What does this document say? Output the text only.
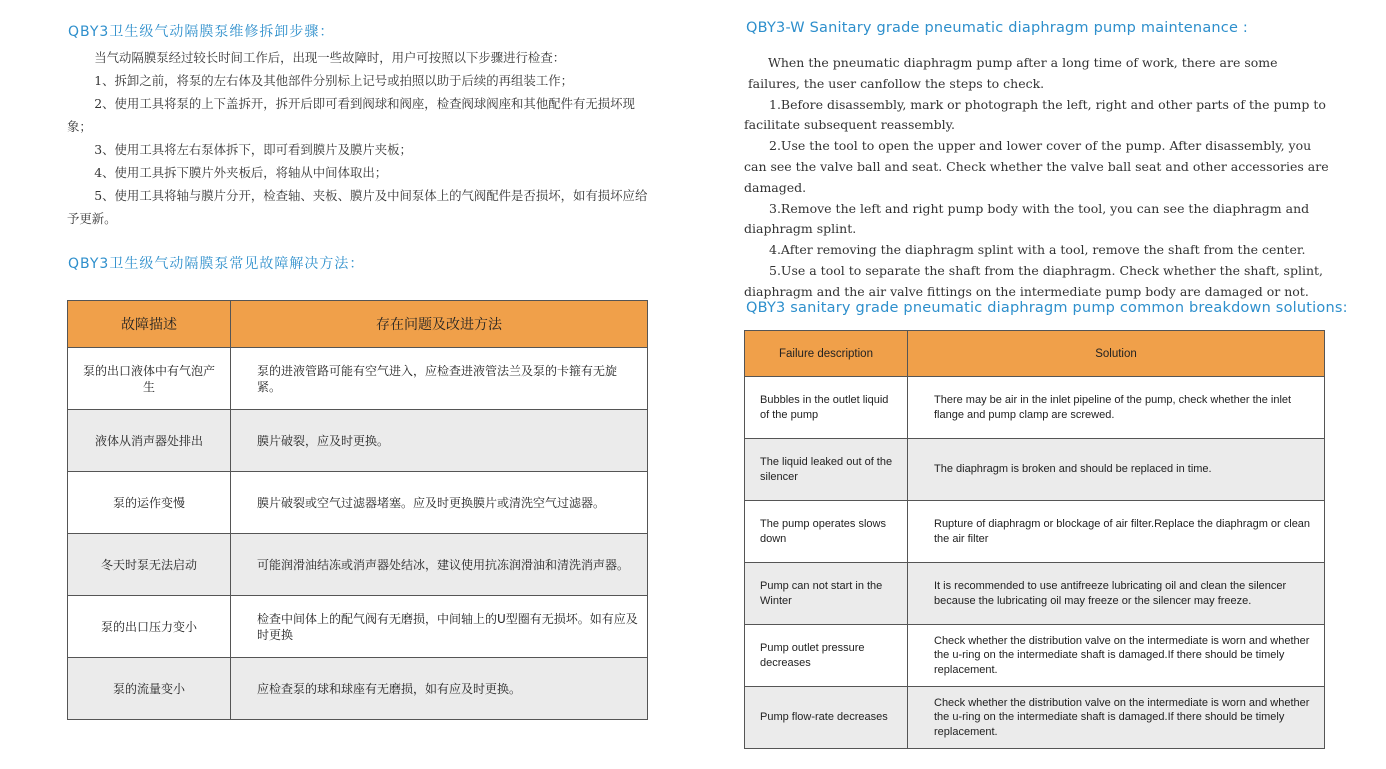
QBY3卫生级气动隔膜泵维修拆卸步骤：

当气动隔膜泵经过较长时间工作后，出现一些故障时，用户可按照以下步骤进行检查：

1、拆卸之前，将泵的左右体及其他部件分别标上记号或拍照以助于后续的再组装工作；

2、使用工具将泵的上下盖拆开，拆开后即可看到阀球和阀座，检查阀球阀座和其他配件有无损坏现象；

3、使用工具将左右泵体拆下，即可看到膜片及膜片夹板；

4、使用工具拆下膜片外夹板后，将轴从中间体取出；

5、使用工具将轴与膜片分开，检查轴、夹板、膜片及中间泵体上的气阀配件是否损坏，如有损坏应给予更新。

QBY3卫生级气动隔膜泵常见故障解决方法：
故障描述	存在问题及改进方法
泵的出口液体中有气泡产生	泵的进液管路可能有空气进入，应检查进液管法兰及泵的卡箍有无旋紧。
液体从消声器处排出	膜片破裂，应及时更换。
泵的运作变慢	膜片破裂或空气过滤器堵塞。应及时更换膜片或清洗空气过滤器。
冬天时泵无法启动	可能润滑油结冻或消声器处结冰，建议使用抗冻润滑油和清洗消声器。
泵的出口压力变小	检查中间体上的配气阀有无磨损，中间轴上的U型圈有无损坏。如有应及时更换
泵的流量变小	应检查泵的球和球座有无磨损，如有应及时更换。
QBY3-W Sanitary grade pneumatic diaphragm pump maintenance :

When the pneumatic diaphragm pump after a long time of work, there are some failures, the user canfollow the steps to check.

1.Before disassembly, mark or photograph the left, right and other parts of the pump to facilitate subsequent reassembly.

2.Use the tool to open the upper and lower cover of the pump. After disassembly, you can see the valve ball and seat. Check whether the valve ball seat and other accessories are damaged.

3.Remove the left and right pump body with the tool, you can see the diaphragm and diaphragm splint.

4.After removing the diaphragm splint with a tool, remove the shaft from the center.

5.Use a tool to separate the shaft from the diaphragm. Check whether the shaft, splint, diaphragm and the air valve fittings on the intermediate pump body are damaged or not.

QBY3 sanitary grade pneumatic diaphragm pump common breakdown solutions:
Failure description	Solution
Bubbles in the outlet liquid of the pump	There may be air in the inlet pipeline of the pump, check whether the inlet flange and pump clamp are screwed.
The liquid leaked out of the silencer	The diaphragm is broken and should be replaced in time.
The pump operates slows down	Rupture of diaphragm or blockage of air filter.Replace the diaphragm or clean the air filter
Pump can not start in the Winter	It is recommended to use antifreeze lubricating oil and clean the silencer because the lubricating oil may freeze or the silencer may freeze.
Pump outlet pressure decreases	Check whether the distribution valve on the intermediate is worn and whether the u-ring on the intermediate shaft is damaged.If there should be timely replacement.
Pump flow-rate decreases	Check whether the distribution valve on the intermediate is worn and whether the u-ring on the intermediate shaft is damaged.If there should be timely replacement.
